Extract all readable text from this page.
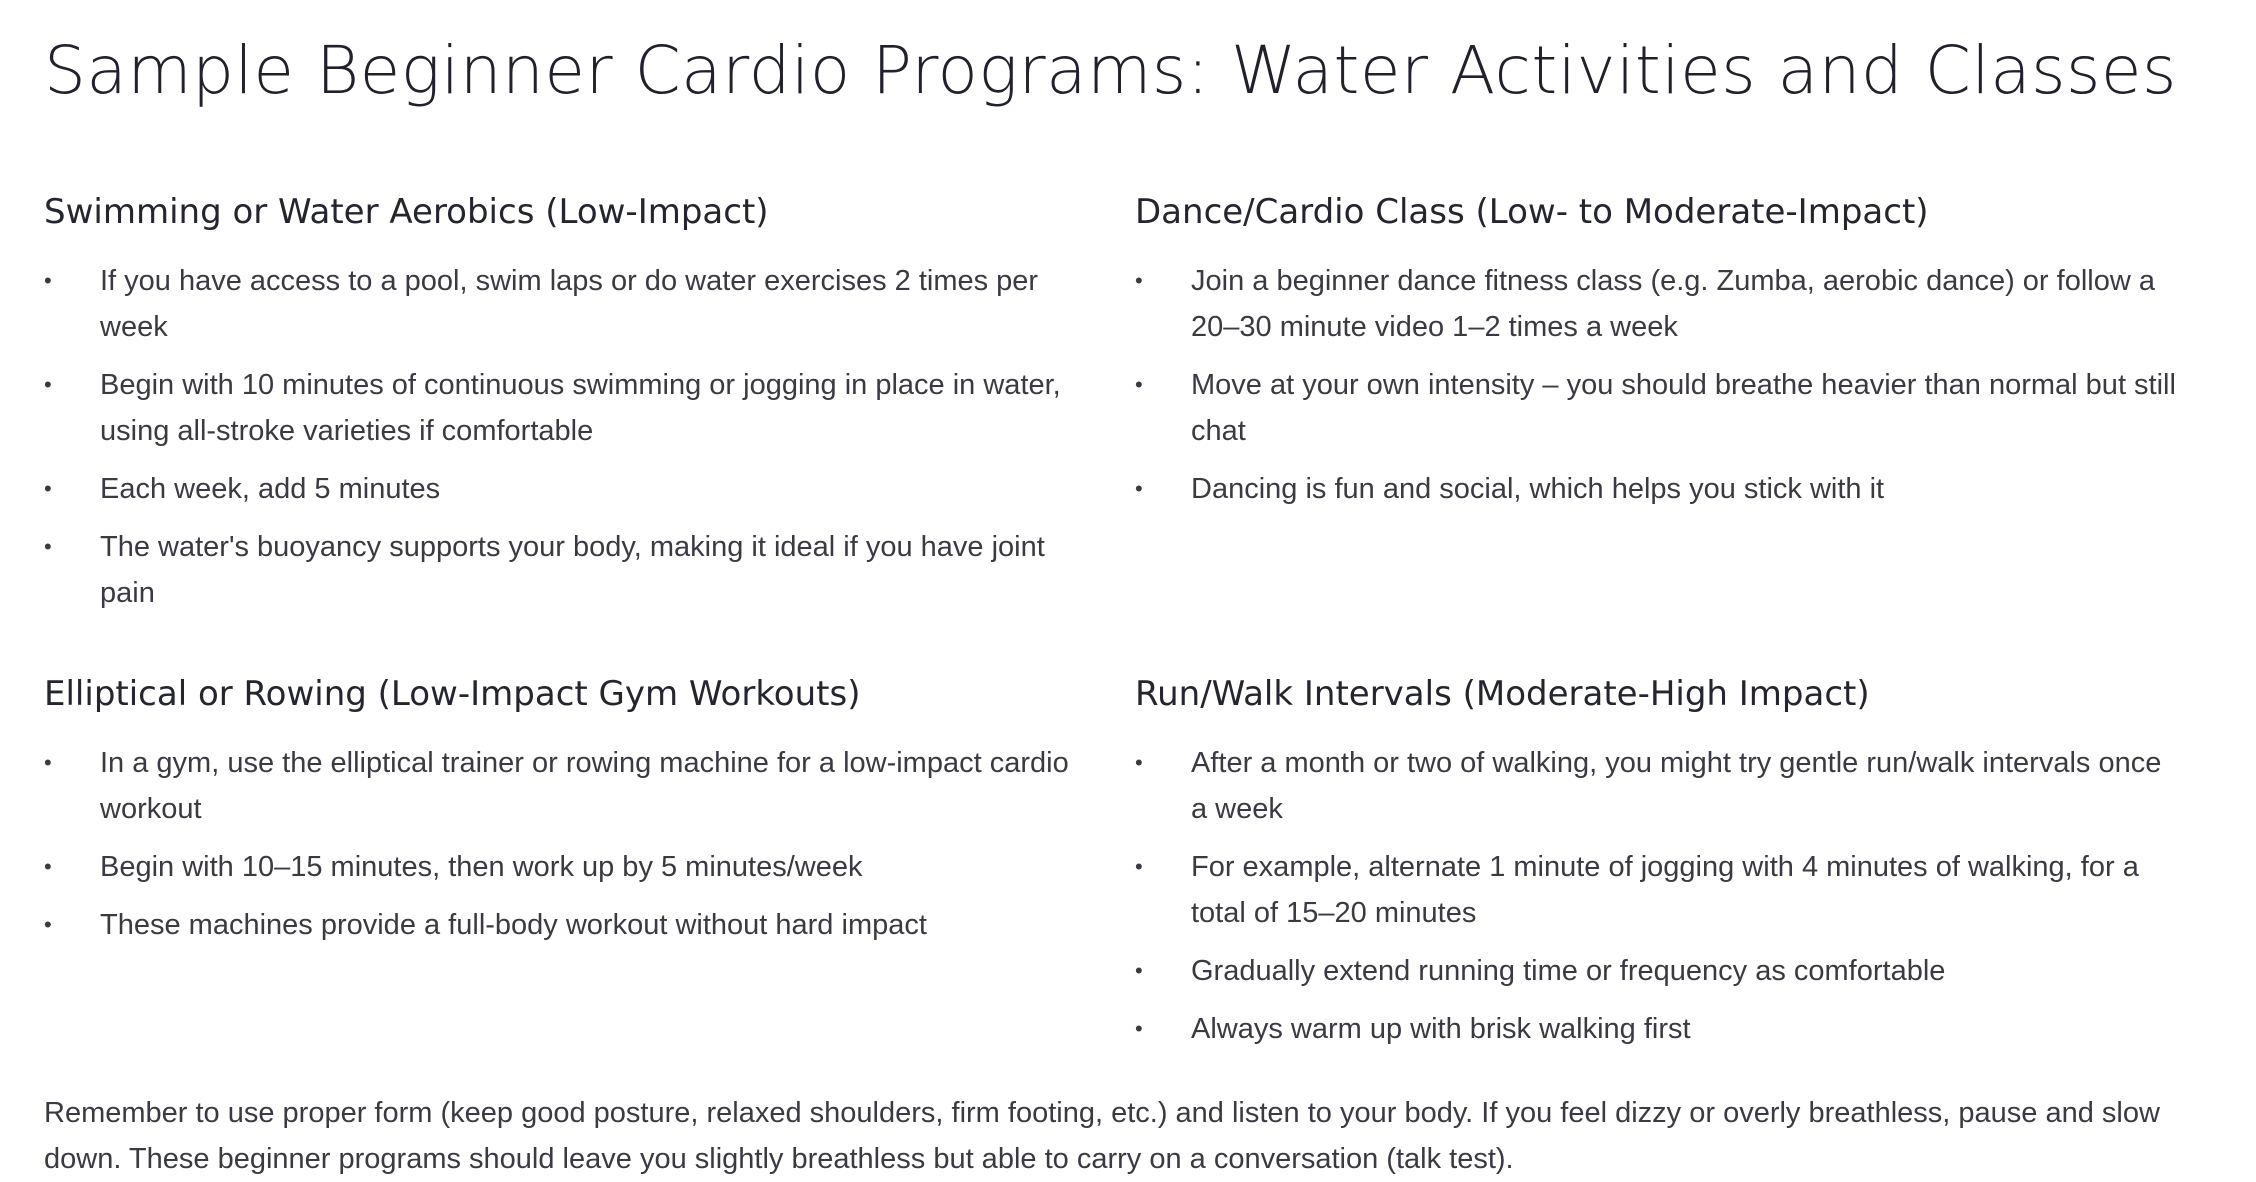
Sample Beginner Cardio Programs: Water Activities and Classes
Swimming or Water Aerobics (Low-Impact)
• If you have access to a pool, swim laps or do water exercises 2 times per week
• Begin with 10 minutes of continuous swimming or jogging in place in water, using all-stroke varieties if comfortable
• Each week, add 5 minutes
• The water's buoyancy supports your body, making it ideal if you have joint pain
Dance/Cardio Class (Low- to Moderate-Impact)
• Join a beginner dance fitness class (e.g. Zumba, aerobic dance) or follow a 20–30 minute video 1–2 times a week
• Move at your own intensity – you should breathe heavier than normal but still chat
• Dancing is fun and social, which helps you stick with it
Elliptical or Rowing (Low-Impact Gym Workouts)
• In a gym, use the elliptical trainer or rowing machine for a low-impact cardio workout
• Begin with 10–15 minutes, then work up by 5 minutes/week
• These machines provide a full-body workout without hard impact
Run/Walk Intervals (Moderate-High Impact)
• After a month or two of walking, you might try gentle run/walk intervals once a week
• For example, alternate 1 minute of jogging with 4 minutes of walking, for a total of 15–20 minutes
• Gradually extend running time or frequency as comfortable
• Always warm up with brisk walking first

Remember to use proper form (keep good posture, relaxed shoulders, firm footing, etc.) and listen to your body. If you feel dizzy or overly breathless, pause and slow down. These beginner programs should leave you slightly breathless but able to carry on a conversation (talk test).
